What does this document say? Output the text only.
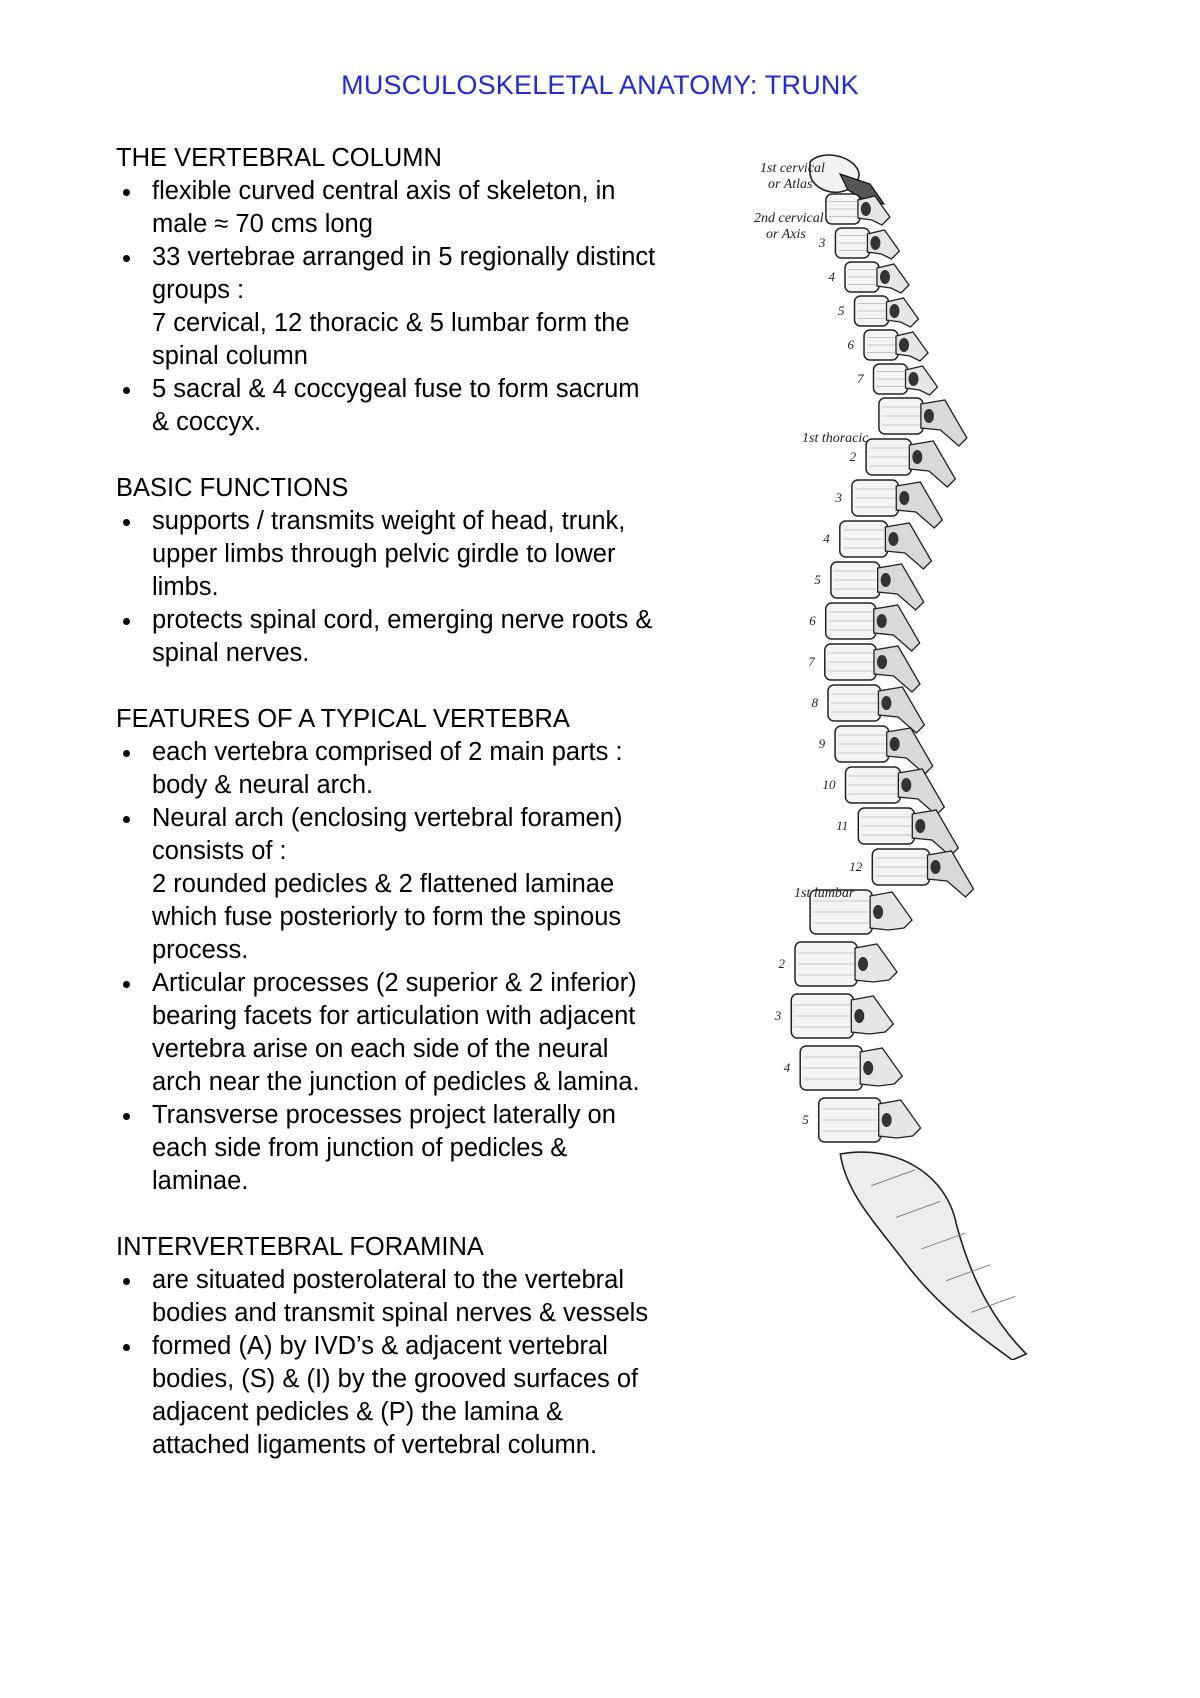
MUSCULOSKELETAL ANATOMY: TRUNK
THE VERTEBRAL COLUMN
flexible curved central axis of skeleton, in
male ≈ 70 cms long
33 vertebrae arranged in 5 regionally distinct
groups :
7 cervical, 12 thoracic & 5 lumbar form the
spinal column
5 sacral & 4 coccygeal fuse to form sacrum
& coccyx.
BASIC FUNCTIONS
supports / transmits weight of head, trunk,
upper limbs through pelvic girdle to lower
limbs.
protects spinal cord, emerging nerve roots &
spinal nerves.
FEATURES OF A TYPICAL VERTEBRA
each vertebra comprised of 2 main parts :
body & neural arch.
Neural arch (enclosing vertebral foramen)
consists of :
2 rounded pedicles & 2 flattened laminae
which fuse posteriorly to form the spinous
process.
Articular processes (2 superior & 2 inferior)
bearing facets for articulation with adjacent
vertebra arise on each side of the neural
arch near the junction of pedicles & lamina.
Transverse processes project laterally on
each side from junction of pedicles &
laminae.
INTERVERTEBRAL FORAMINA
are situated posterolateral to the vertebral
bodies and transmit spinal nerves & vessels
formed (A) by IVD’s & adjacent vertebral
bodies, (S) & (I) by the grooved surfaces of
adjacent pedicles & (P) the lamina &
attached ligaments of vertebral column.
1st cervical
or Atlas
2nd cervical
or Axis
1st thoracic
1st lumbar
3
4
5
6
7
2
3
4
5
6
7
8
9
10
11
12
2
3
4
5
